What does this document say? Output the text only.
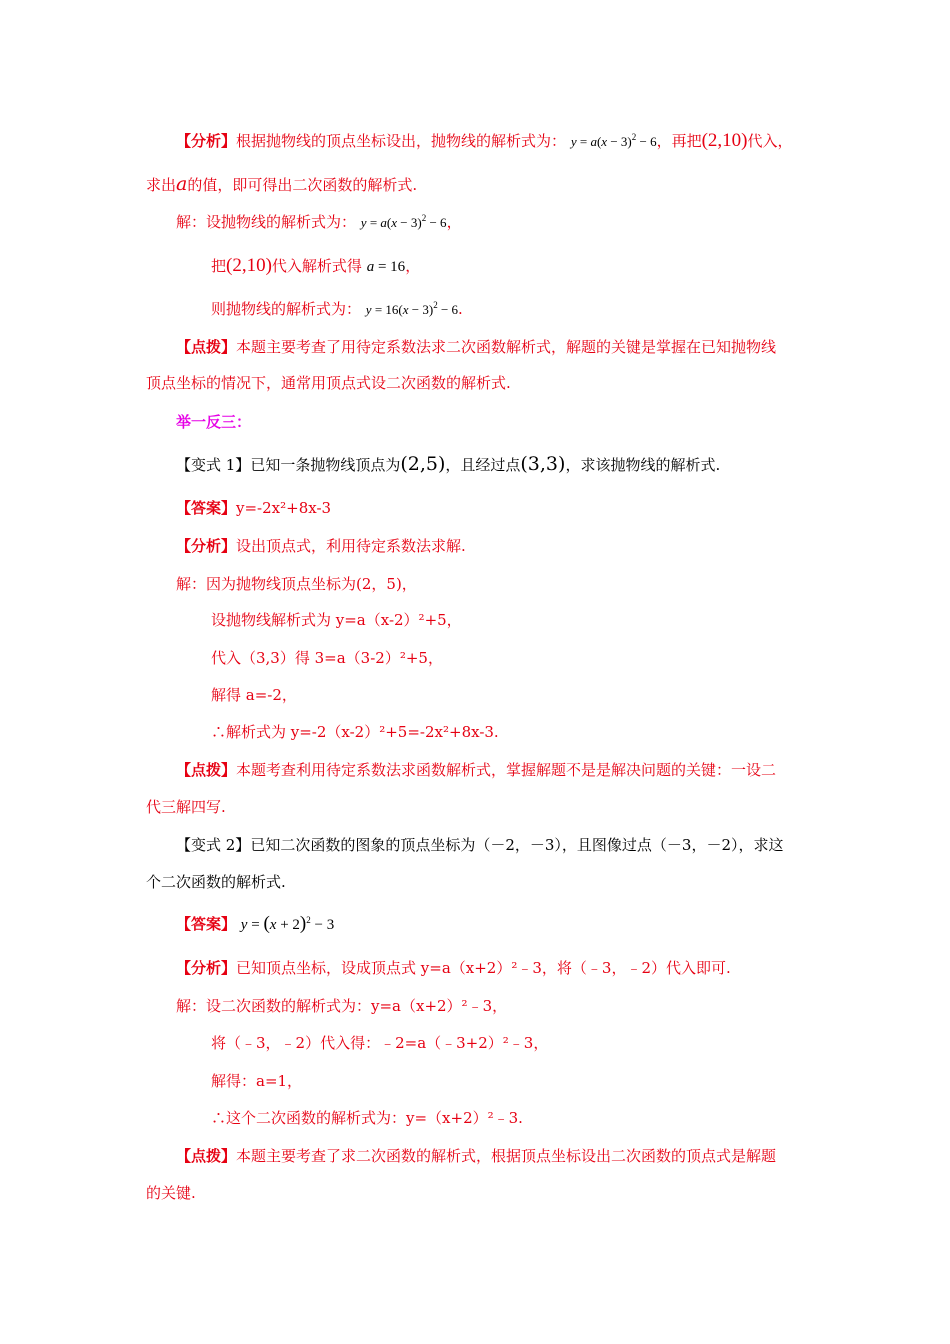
【分析】根据抛物线的顶点坐标设出，抛物线的解析式为： $y = a(x - 3)^2 - 6$，再把(2,10)代入，
求出a的值，即可得出二次函数的解析式.
解：设抛物线的解析式为： $y = a(x - 3)^2 - 6$，
把(2,10)代入解析式得 a = 16，
则抛物线的解析式为： $y = 16(x - 3)^2 - 6$.
【点拨】本题主要考查了用待定系数法求二次函数解析式，解题的关键是掌握在已知抛物线
顶点坐标的情况下，通常用顶点式设二次函数的解析式.
举一反三：
【变式 1】已知一条抛物线顶点为(2,5)，且经过点(3,3)，求该抛物线的解析式.
【答案】y=-2x²+8x-3
【分析】设出顶点式，利用待定系数法求解.
解：因为抛物线顶点坐标为(2，5)，
设抛物线解析式为 y=a（x-2）²+5，
代入（3,3）得 3=a（3-2）²+5，
解得 a=-2，
∴解析式为 y=-2（x-2）²+5=-2x²+8x-3.
【点拨】本题考查利用待定系数法求函数解析式，掌握解题不是是解决问题的关键：一设二
代三解四写.
【变式 2】已知二次函数的图象的顶点坐标为（－2，－3），且图像过点（－3，－2），求这
个二次函数的解析式.
【答案】 $y = (x + 2)^2 - 3$
【分析】已知顶点坐标，设成顶点式 y=a（x+2）²﹣3，将（﹣3，﹣2）代入即可.
解：设二次函数的解析式为：y=a（x+2）²﹣3，
将（﹣3，﹣2）代入得：﹣2=a（﹣3+2）²﹣3，
解得：a=1，
∴这个二次函数的解析式为：y=（x+2）²﹣3.
【点拨】本题主要考查了求二次函数的解析式，根据顶点坐标设出二次函数的顶点式是解题
的关键.
